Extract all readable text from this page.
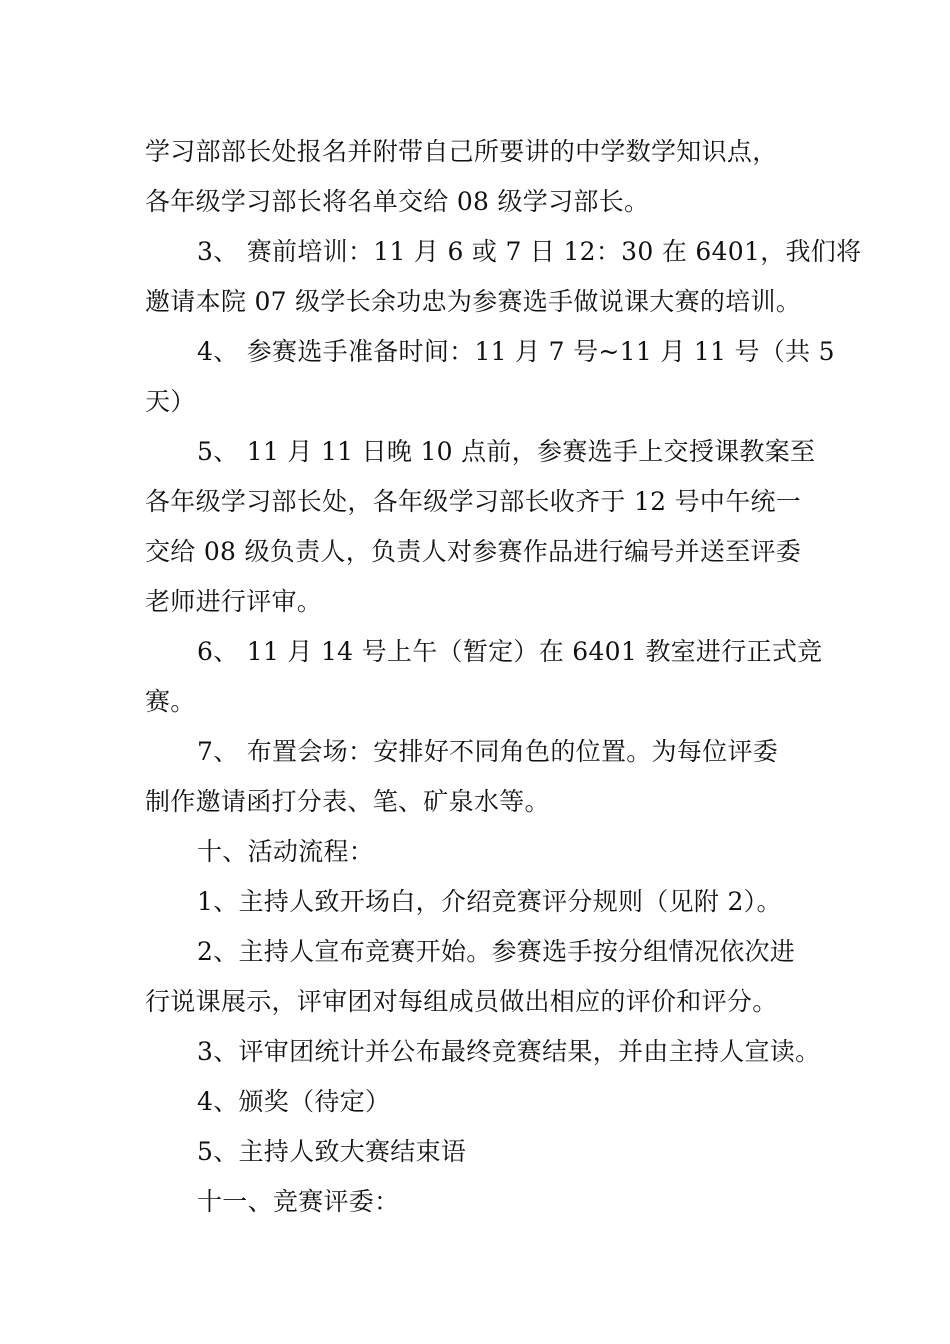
学习部部长处报名并附带自己所要讲的中学数学知识点，
各年级学习部长将名单交给 08 级学习部长。

3、 赛前培训：11 月 6 或 7 日 12：30 在 6401，我们将
邀请本院 07 级学长余功忠为参赛选手做说课大赛的培训。

4、 参赛选手准备时间：11 月 7 号~11 月 11 号（共 5
天）

5、 11 月 11 日晚 10 点前，参赛选手上交授课教案至
各年级学习部长处，各年级学习部长收齐于 12 号中午统一
交给 08 级负责人，负责人对参赛作品进行编号并送至评委
老师进行评审。

6、 11 月 14 号上午（暂定）在 6401 教室进行正式竞
赛。

7、 布置会场：安排好不同角色的位置。为每位评委
制作邀请函打分表、笔、矿泉水等。

十、活动流程：

1、主持人致开场白，介绍竞赛评分规则（见附 2）。

2、主持人宣布竞赛开始。参赛选手按分组情况依次进
行说课展示，评审团对每组成员做出相应的评价和评分。

3、评审团统计并公布最终竞赛结果，并由主持人宣读。

4、颁奖（待定）

5、主持人致大赛结束语

十一、竞赛评委：
